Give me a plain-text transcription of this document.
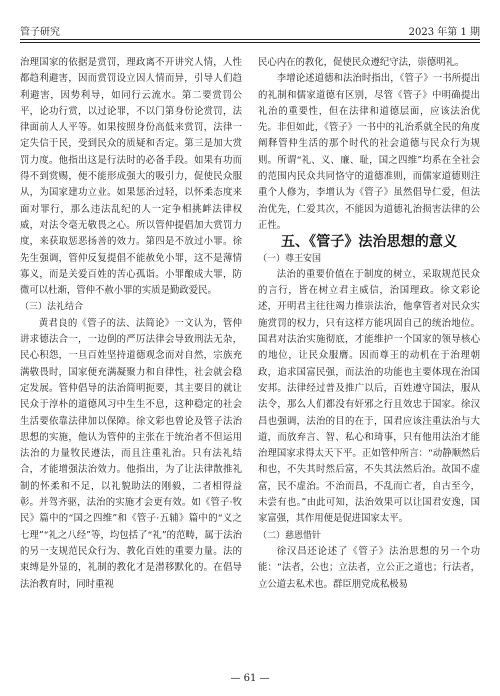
管子研究	2023 年第 1 期

治理国家的依据是赏罚，理政离不开讲究人情，人性都趋利避害，因而赏罚设立因人情而异，引导人们趋利避害，因势利导，如同行云流水。第二要赏罚公平，论功行赏，以过论罪，不以门第身份论赏罚，法律面前人人平等。如果按照身份高低来赏罚，法律一定失信于民，受到民众的质疑和否定。第三是加大赏罚力度。他指出这是行法时的必备手段。如果有功而得不到赏赐，便不能形成强大的吸引力，促使民众服从，为国家建功立业。如果惩治过轻，以怀柔态度来面对罪行，那么违法乱纪的人一定争相挑衅法律权威，对法令毫无敬畏之心。所以管仲提倡加大赏罚力度，来获取惩恶扬善的效力。第四是不放过小罪。徐先生强调，管仲反复提倡不能赦免小罪，这不是薄情寡义，而是关爱百姓的苦心孤诣。小罪酿成大罪，防微可以杜渐，管仲不赦小罪的实质是勤政爱民。

（三）法礼结合

黄君良的《管子的法、法简论》一文认为，管仲讲求德法合一，一边倒的严厉法律会导致刑法无杂，民心积怨，一旦百姓坚持道德观念而对自然，宗族充满敬畏时，国家便充满凝聚力和自律性，社会就会稳定发展。管仲倡导的法治简明扼要，其主要目的就让民众于淳朴的道德风习中生生不息，这种稳定的社会生活要依靠法律加以保障。徐文彩也曾论及管子法治思想的实施，他认为管仲的主张在于统治者不但运用法治的力量牧民遵法，而且注重礼治。只有法礼结合，才能增强法治效力。他指出，为了让法律散推礼制的怀柔和不足，以礼貌助法的刚毅，二者相得益彰。并驾齐驱，法治的实施才会更有效。如《管子·牧民》篇中的“国之四维”和《管子·五辅》篇中的“义之七理”“礼之八经”等，均包括了“礼”的范畴，属于法治的另一支规范民众行为、教化百姓的重要力量。法的束缚是外显的，礼制的教化才是潜移默化的。在倡导法治教育时，同时重视

民心内在的教化，促使民众遵纪守法，崇德明礼。

李增论述道德和法治时指出，《管子》一书所提出的礼制和儒家道德有区别，尽管《管子》中明确提出礼治的重要性，但在法律和道德层面，应该法治优先。非但如此，《管子》一书中的礼治系就全民的角度阐释管仲生活的那个时代的社会道德与民众行为规则。所谓“礼、义、廉、耻，国之四维”均系在全社会的范围内民众共同恪守的道德准则，而儒家道德则注重个人修为，李增认为《管子》虽然倡导仁爱，但法治优先，仁爱其次，不能因为道德礼治损害法律的公正性。

五、《管子》法治思想的意义

（一）尊王安国

法治的重要价值在于制度的树立，采取规范民众的言行，皆在树立君主威信，治国理政。徐文彩论述，开明君主往往竭力推崇法治，他拿管者对民众实施赏罚的权力，只有这样方能巩固自己的统治地位。国君对法治实施彻底，才能维护一个国家的领导核心的地位，让民众服膺。因而尊王的动机在于治理朝政，追求国富民强，而法治的功能也主要体现在治国安邦。法律经过普及推广以后，百姓遵守国法，服从法令，那么人们都没有奸邪之行且效忠于国家。徐汉昌也强调，法治的目的在于，国君应该注重法治与大道，而放弃言、智、私心和琦事，只有他用法治才能治理国家求得太天下平。正如管仲所言：“动静顺然后和也，不失其时然后富，不失其法然后治。故国不虚富，民不虚治。不治而昌，不乱而亡者，自古至今，未尝有也。”由此可知，法治效果可以让国君安逸，国家富强，其作用便是促进国家太平。

（二）慈恩惜针

徐汉昌还论述了《管子》法治思想的另一个功能：“法者，公也；立法者，立公正之道也；行法者，立公道去私术也。群臣朋党成私极易

— 61 —
